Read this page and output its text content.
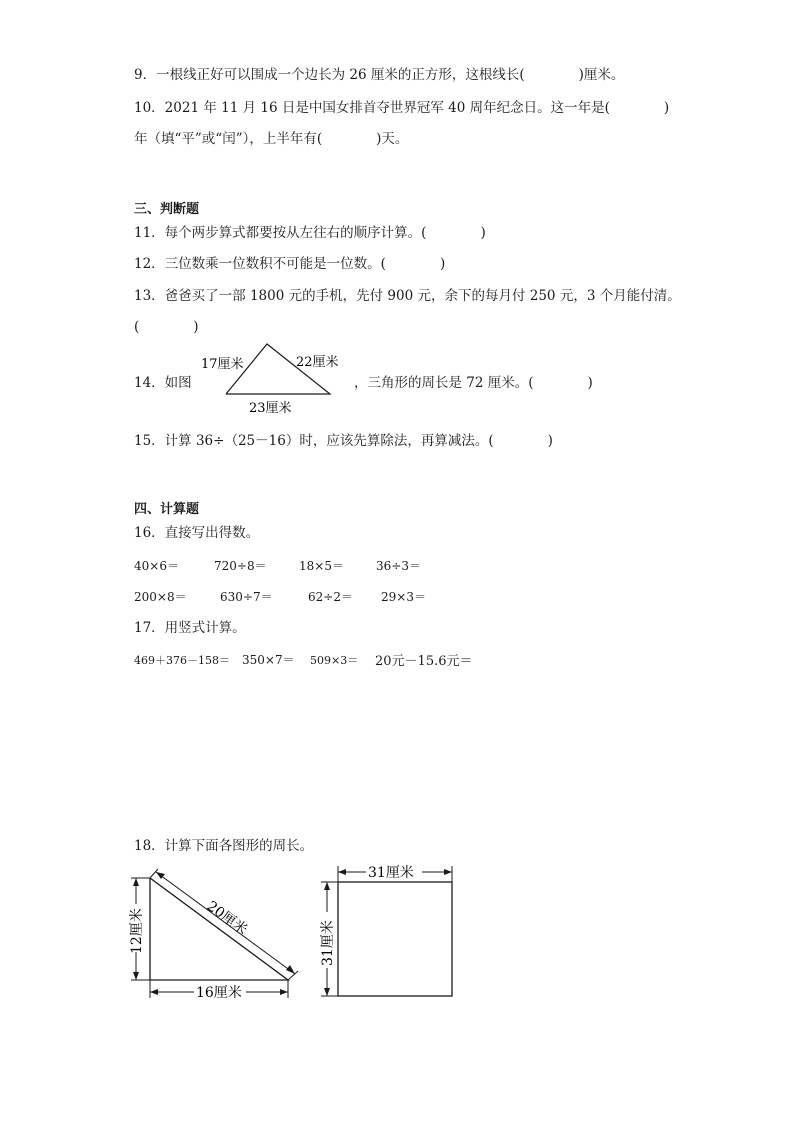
9．一根线正好可以围成一个边长为 26 厘米的正方形，这根线长(　　　　)厘米。
10．2021 年 11 月 16 日是中国女排首夺世界冠军 40 周年纪念日。这一年是(　　　　)
年（填“平”或“闰”），上半年有(　　　　)天。
三、判断题
11．每个两步算式都要按从左往右的顺序计算。(　　　　)
12．三位数乘一位数积不可能是一位数。(　　　　)
13．爸爸买了一部 1800 元的手机，先付 900 元，余下的每月付 250 元，3 个月能付清。
(　　　　)
14．如图
17厘米	22厘米
23厘米
，三角形的周长是 72 厘米。(　　　　)
15．计算 36÷（25－16）时，应该先算除法，再算减法。(　　　　)
四、计算题
16．直接写出得数。
40×6＝	720÷8＝	18×5＝	36÷3＝
200×8＝	630÷7＝	62÷2＝ 29×3＝
17．用竖式计算。
469＋376－158＝ 350×7＝ 509×3＝ 20元－15.6元＝
18．计算下面各图形的周长。
12厘米	20厘米
16厘米
31厘米
31厘米
